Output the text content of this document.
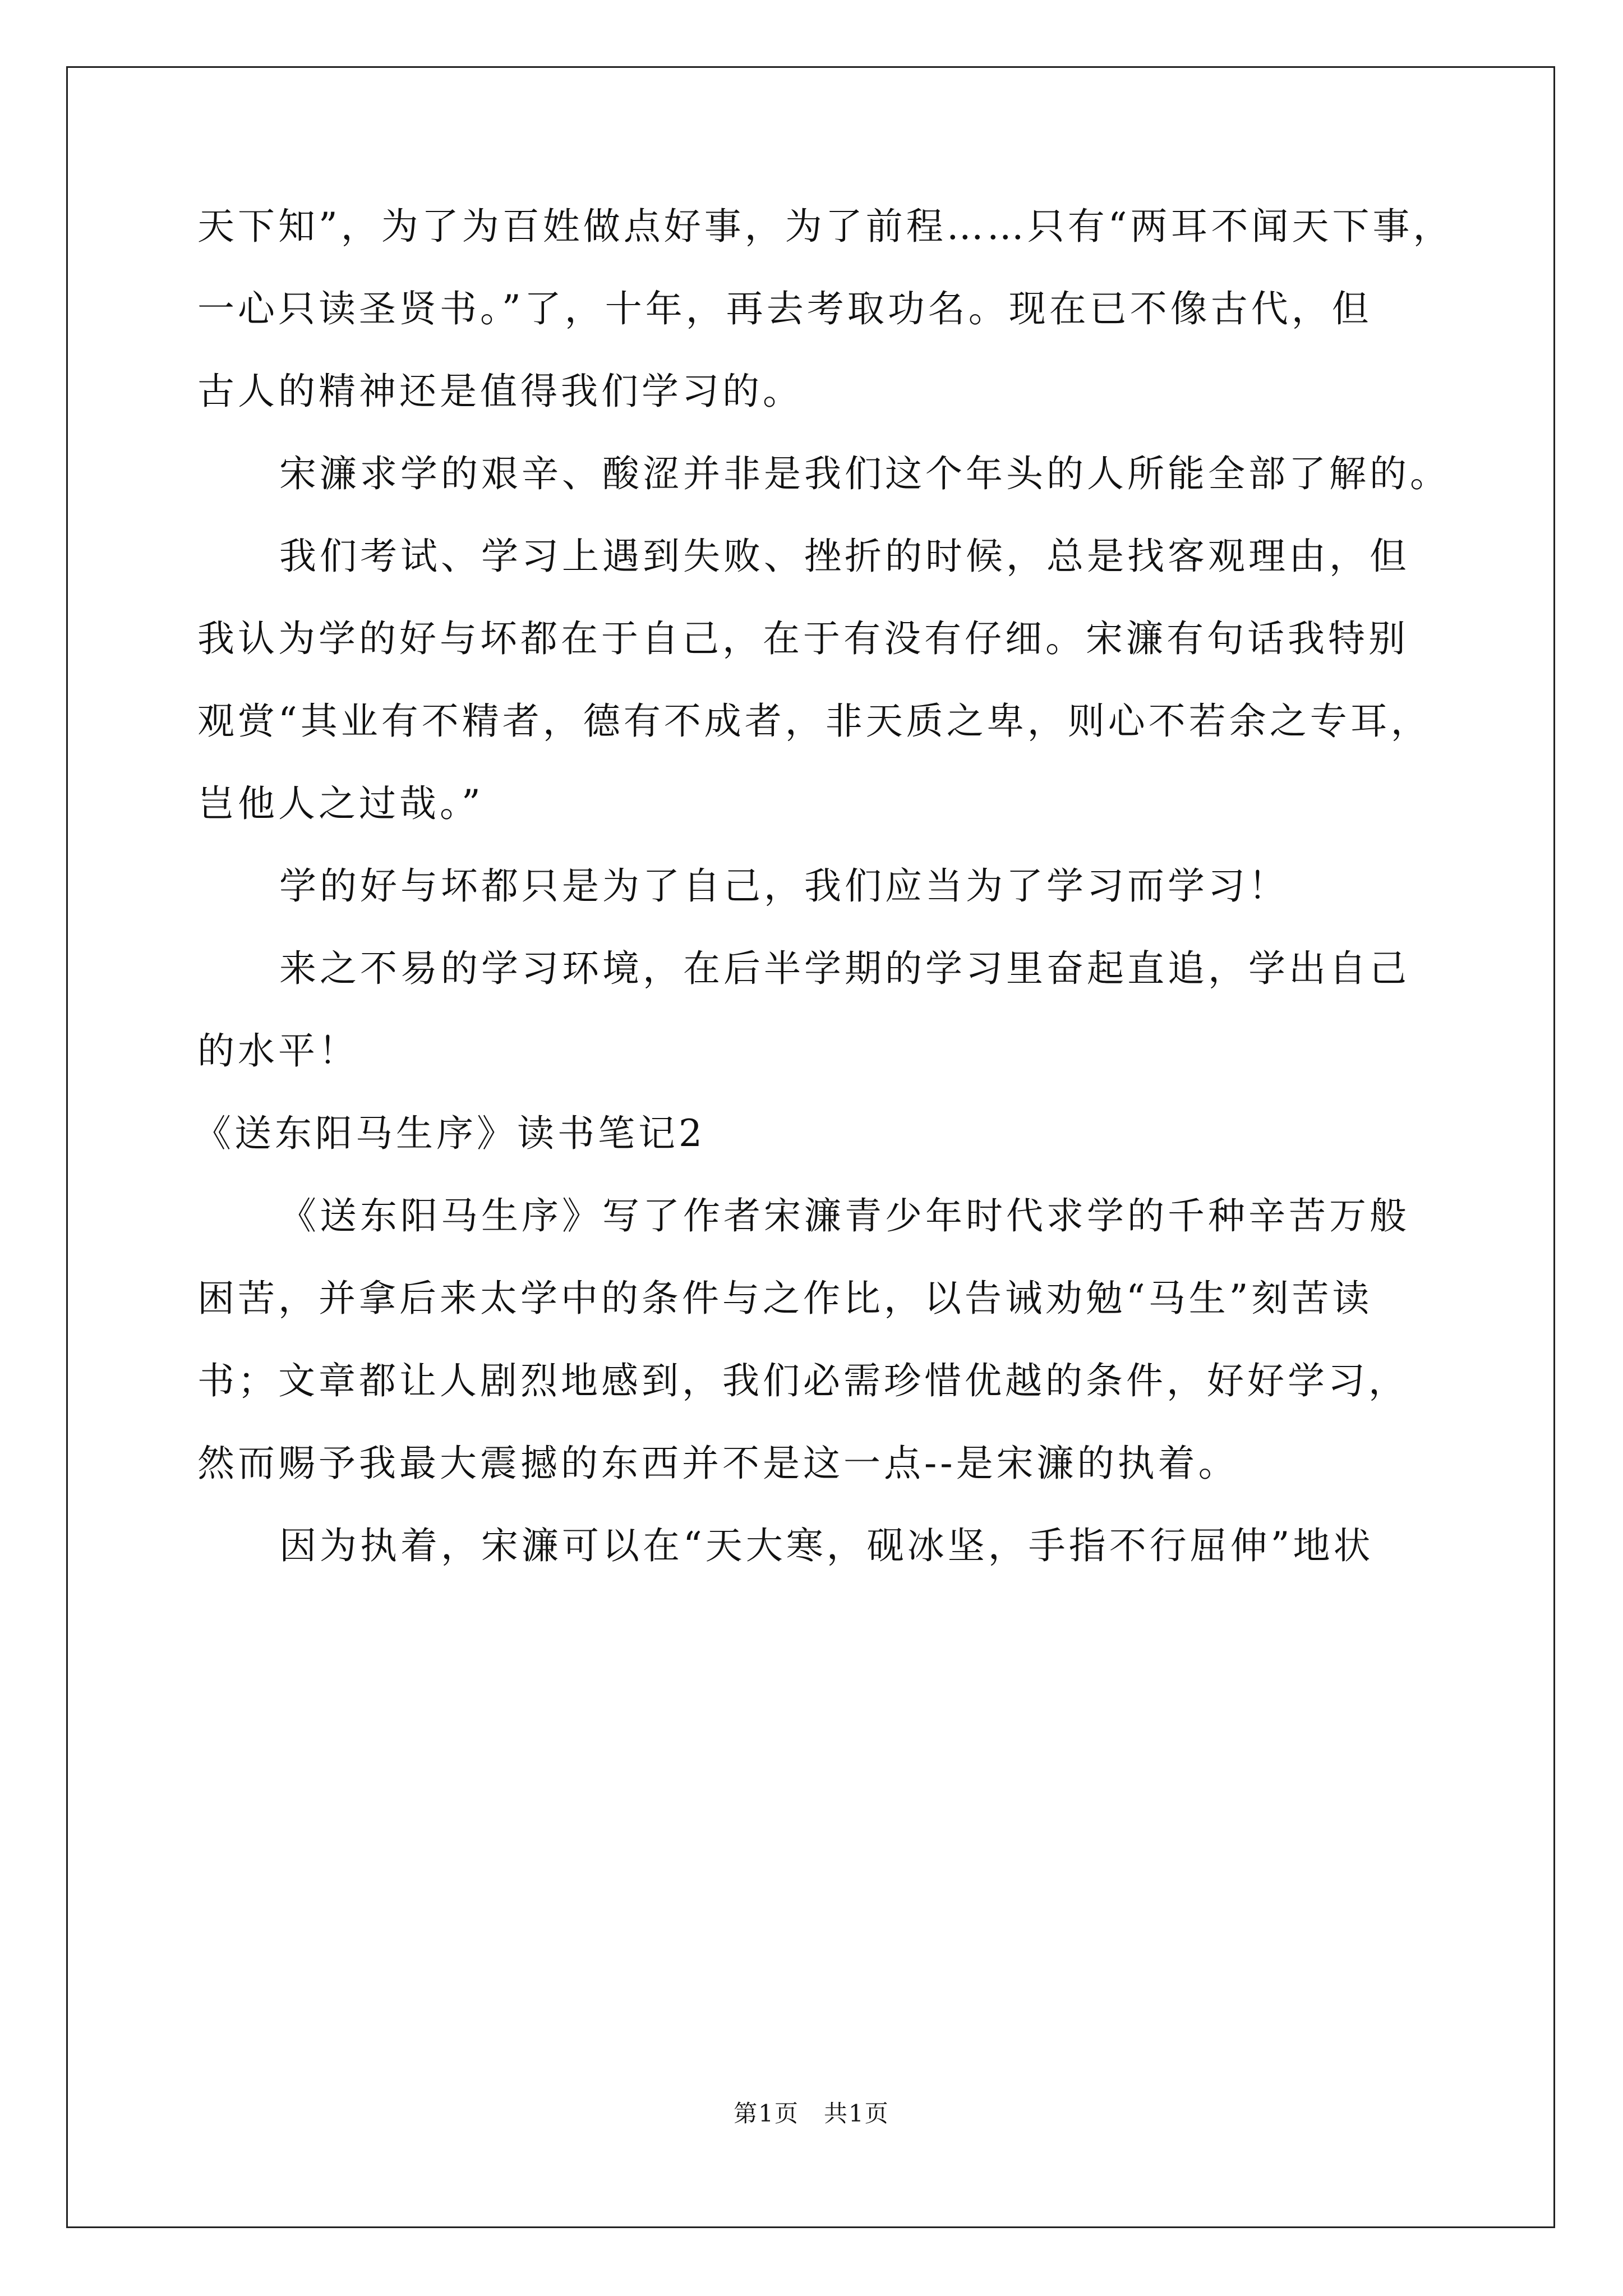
天下知”，为了为百姓做点好事，为了前程……只有“两耳不闻天下事，
一心只读圣贤书。”了，十年，再去考取功名。现在已不像古代，但
古人的精神还是值得我们学习的。
宋濂求学的艰辛、酸涩并非是我们这个年头的人所能全部了解的。
我们考试、学习上遇到失败、挫折的时候，总是找客观理由，但
我认为学的好与坏都在于自己，在于有没有仔细。宋濂有句话我特别
观赏“其业有不精者，德有不成者，非天质之卑，则心不若余之专耳，
岂他人之过哉。”
学的好与坏都只是为了自己，我们应当为了学习而学习！
来之不易的学习环境，在后半学期的学习里奋起直追，学出自己
的水平！
《送东阳马生序》读书笔记2
《送东阳马生序》写了作者宋濂青少年时代求学的千种辛苦万般
困苦，并拿后来太学中的条件与之作比，以告诫劝勉“马生”刻苦读
书；文章都让人剧烈地感到，我们必需珍惜优越的条件，好好学习，
然而赐予我最大震撼的东西并不是这一点--是宋濂的执着。
因为执着，宋濂可以在“天大寒，砚冰坚，手指不行屈伸”地状
第1页　共1页
